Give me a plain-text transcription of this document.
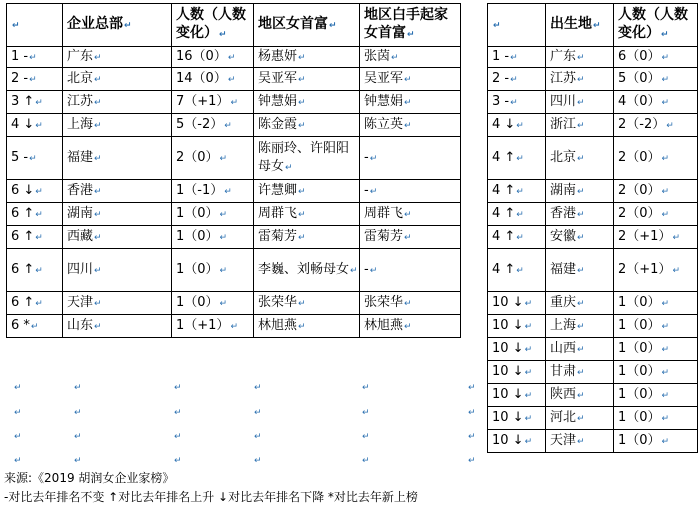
↵	企业总部↵	人数（人数变化）↵	地区女首富↵	地区白手起家女首富↵
1 -↵	广东↵	16（0）↵	杨惠妍↵	张茵↵
2 -↵	北京↵	14（0）↵	吴亚军↵	吴亚军↵
3 ↑↵	江苏↵	7（+1）↵	钟慧娟↵	钟慧娟↵
4 ↓↵	上海↵	5（-2）↵	陈金霞↵	陈立英↵
5 -↵	福建↵	2（0）↵	陈丽玲、许阳阳母女↵	-↵
6 ↓↵	香港↵	1（-1）↵	许慧卿↵	-↵
6 ↑↵	湖南↵	1（0）↵	周群飞↵	周群飞↵
6 ↑↵	西藏↵	1（0）↵	雷菊芳↵	雷菊芳↵
6 ↑↵	四川↵	1（0）↵	李巍、刘畅母女↵	-↵
6 ↑↵	天津↵	1（0）↵	张荣华↵	张荣华↵
6 *↵	山东↵	1（+1）↵	林旭燕↵	林旭燕↵
↵	出生地↵	人数（人数变化）↵
1 -↵	广东↵	6（0）↵
2 -↵	江苏↵	5（0）↵
3 -↵	四川↵	4（0）↵
4 ↓↵	浙江↵	2（-2）↵
4 ↑↵	北京↵	2（0）↵
4 ↑↵	湖南↵	2（0）↵
4 ↑↵	香港↵	2（0）↵
4 ↑↵	安徽↵	2（+1）↵
4 ↑↵	福建↵	2（+1）↵
10 ↓↵	重庆↵	1（0）↵
10 ↓↵	上海↵	1（0）↵
10 ↓↵	山西↵	1（0）↵
10 ↓↵	甘肃↵	1（0）↵
10 ↓↵	陕西↵	1（0）↵
10 ↓↵	河北↵	1（0）↵
10 ↓↵	天津↵	1（0）↵
↵	↵	↵	↵	↵	↵
↵	↵	↵	↵	↵	↵
↵	↵	↵	↵	↵	↵
↵	↵	↵	↵	↵	↵
来源:《2019 胡润女企业家榜》
-对比去年排名不变 ↑对比去年排名上升 ↓对比去年排名下降 *对比去年新上榜
